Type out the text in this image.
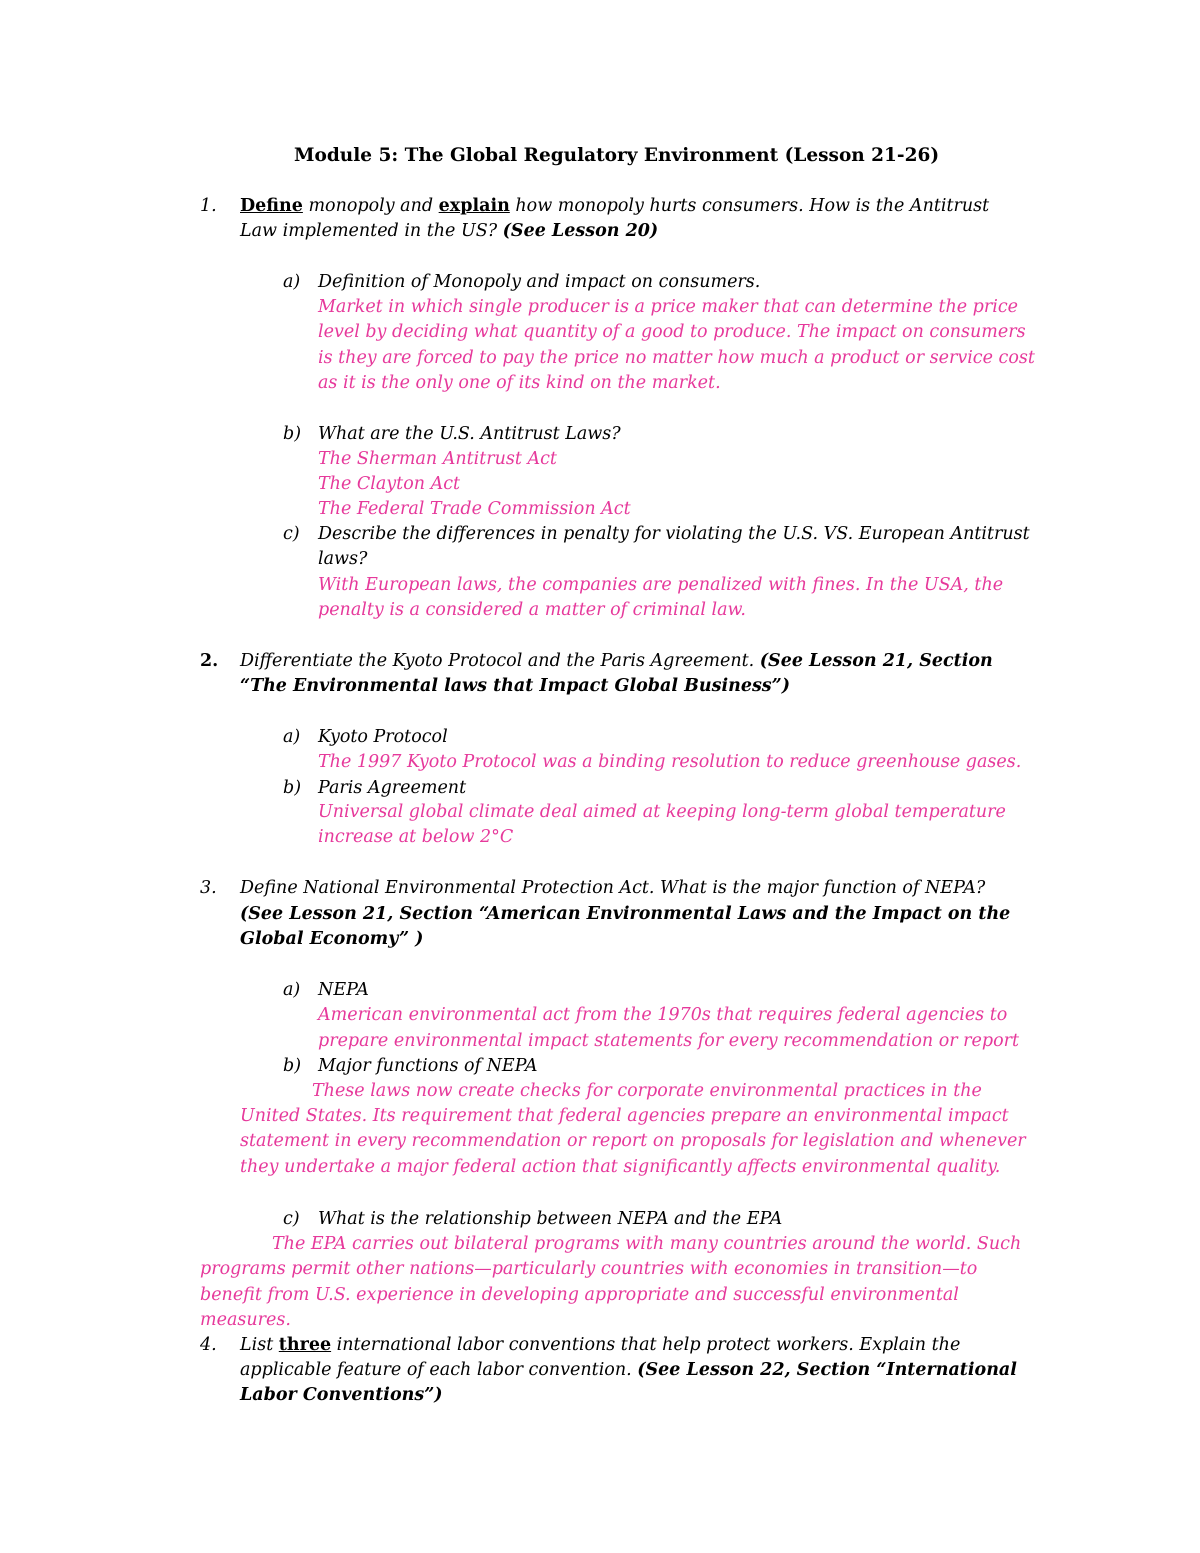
Module 5: The Global Regulatory Environment (Lesson 21-26)
1. Define monopoly and explain how monopoly hurts consumers. How is the Antitrust
Law implemented in the US? (See Lesson 20)
a) Definition of Monopoly and impact on consumers.
Market in which single producer is a price maker that can determine the price
level by deciding what quantity of a good to produce. The impact on consumers
is they are forced to pay the price no matter how much a product or service cost
as it is the only one of its kind on the market.
b) What are the U.S. Antitrust Laws?
The Sherman Antitrust Act
The Clayton Act
The Federal Trade Commission Act
c) Describe the differences in penalty for violating the U.S. VS. European Antitrust
laws?
With European laws, the companies are penalized with fines. In the USA, the
penalty is a considered a matter of criminal law.
2. Differentiate the Kyoto Protocol and the Paris Agreement. (See Lesson 21, Section
“The Environmental laws that Impact Global Business”)
a) Kyoto Protocol
The 1997 Kyoto Protocol was a binding resolution to reduce greenhouse gases.
b) Paris Agreement
Universal global climate deal aimed at keeping long-term global temperature
increase at below 2°C
3. Define National Environmental Protection Act. What is the major function of NEPA?
(See Lesson 21, Section “American Environmental Laws and the Impact on the
Global Economy” )
a) NEPA
American environmental act from the 1970s that requires federal agencies to
prepare environmental impact statements for every recommendation or report
b) Major functions of NEPA
These laws now create checks for corporate environmental practices in the
United States. Its requirement that federal agencies prepare an environmental impact
statement in every recommendation or report on proposals for legislation and whenever
they undertake a major federal action that significantly affects environmental quality.
c) What is the relationship between NEPA and the EPA
The EPA carries out bilateral programs with many countries around the world. Such
programs permit other nations—particularly countries with economies in transition—to
benefit from U.S. experience in developing appropriate and successful environmental
measures.
4. List three international labor conventions that help protect workers. Explain the
applicable feature of each labor convention. (See Lesson 22, Section “International
Labor Conventions”)
